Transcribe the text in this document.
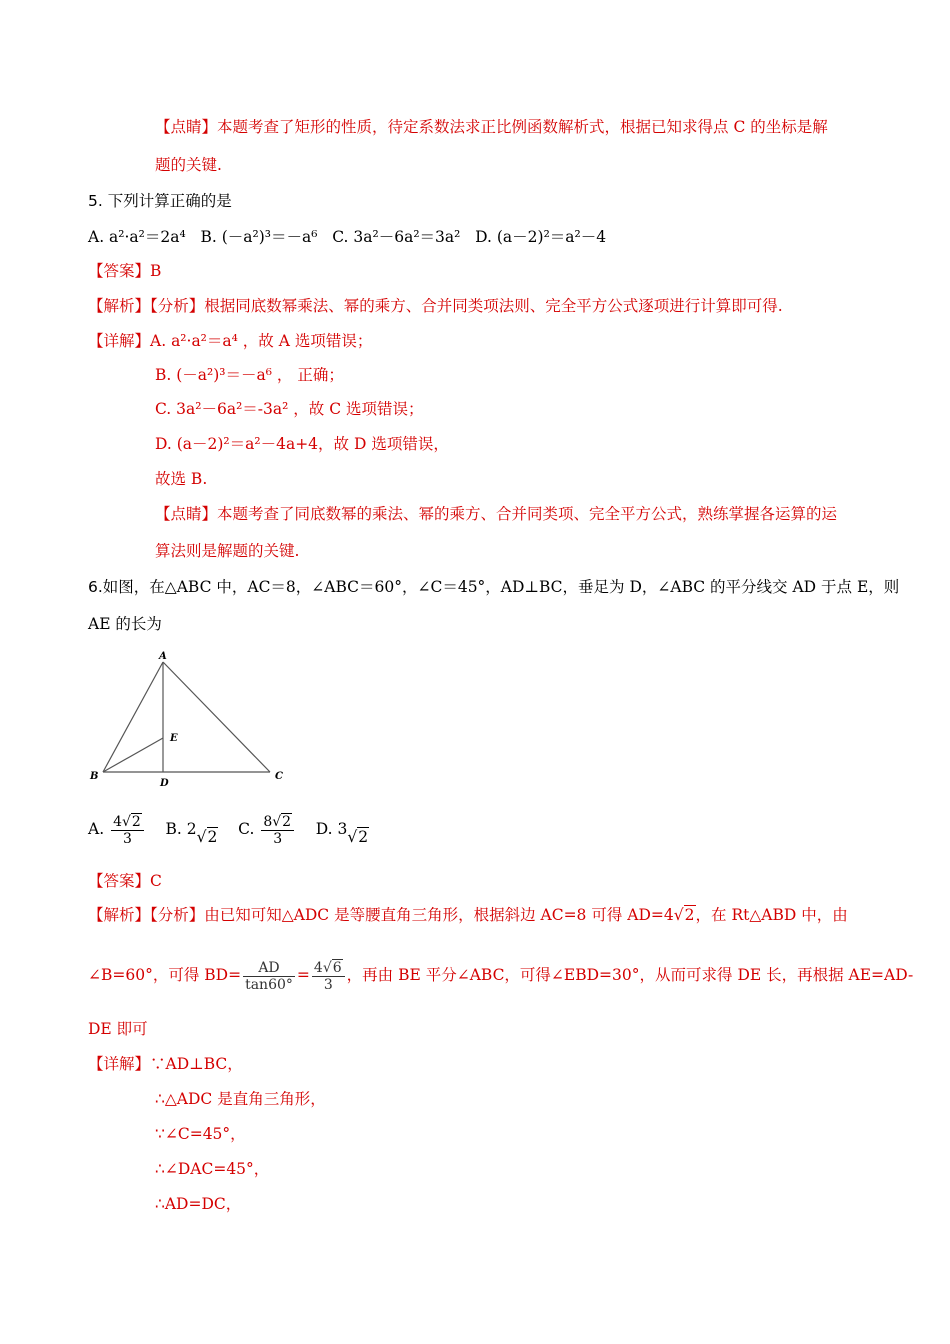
【点睛】本题考查了矩形的性质，待定系数法求正比例函数解析式，根据已知求得点 C 的坐标是解
题的关键.
5. 下列计算正确的是
A. a²·a²＝2a⁴ B. (－a²)³＝－a⁶ C. 3a²－6a²＝3a² D. (a－2)²＝a²－4
【答案】B
【解析】【分析】根据同底数幂乘法、幂的乘方、合并同类项法则、完全平方公式逐项进行计算即可得.
【详解】A. a²·a²＝a⁴ ，故 A 选项错误；
B. (－a²)³＝－a⁶ ， 正确；
C. 3a²－6a²＝-3a² ，故 C 选项错误；
D. (a－2)²＝a²－4a+4，故 D 选项错误，
故选 B.
【点睛】本题考查了同底数幂的乘法、幂的乘方、合并同类项、完全平方公式，熟练掌握各运算的运
算法则是解题的关键.
6.如图，在△ABC 中，AC＝8，∠ABC＝60°，∠C＝45°，AD⊥BC，垂足为 D，∠ABC 的平分线交 AD 于点 E，则
AE 的长为
A
B	C
D
E
A. $\frac{4√2}{3} B$. 2√2 C. $\frac{8√2}{3} D$. 3√2
【答案】C
【解析】【分析】由已知可知△ADC 是等腰直角三角形，根据斜边 AC=8 可得 AD=4√2，在 Rt△ABD 中，由
∠B=60°，可得 $BD= \frac{AD}{\tan 60^\circ} = \frac{4√6}{3}$ ，再由 BE 平分∠ABC，可得∠EBD=30°，从而可求得 DE 长，再根据 AE=AD-
DE 即可
【详解】∵AD⊥BC，
∴△ADC 是直角三角形，
∵∠C=45°，
∴∠DAC=45°，
∴AD=DC，
